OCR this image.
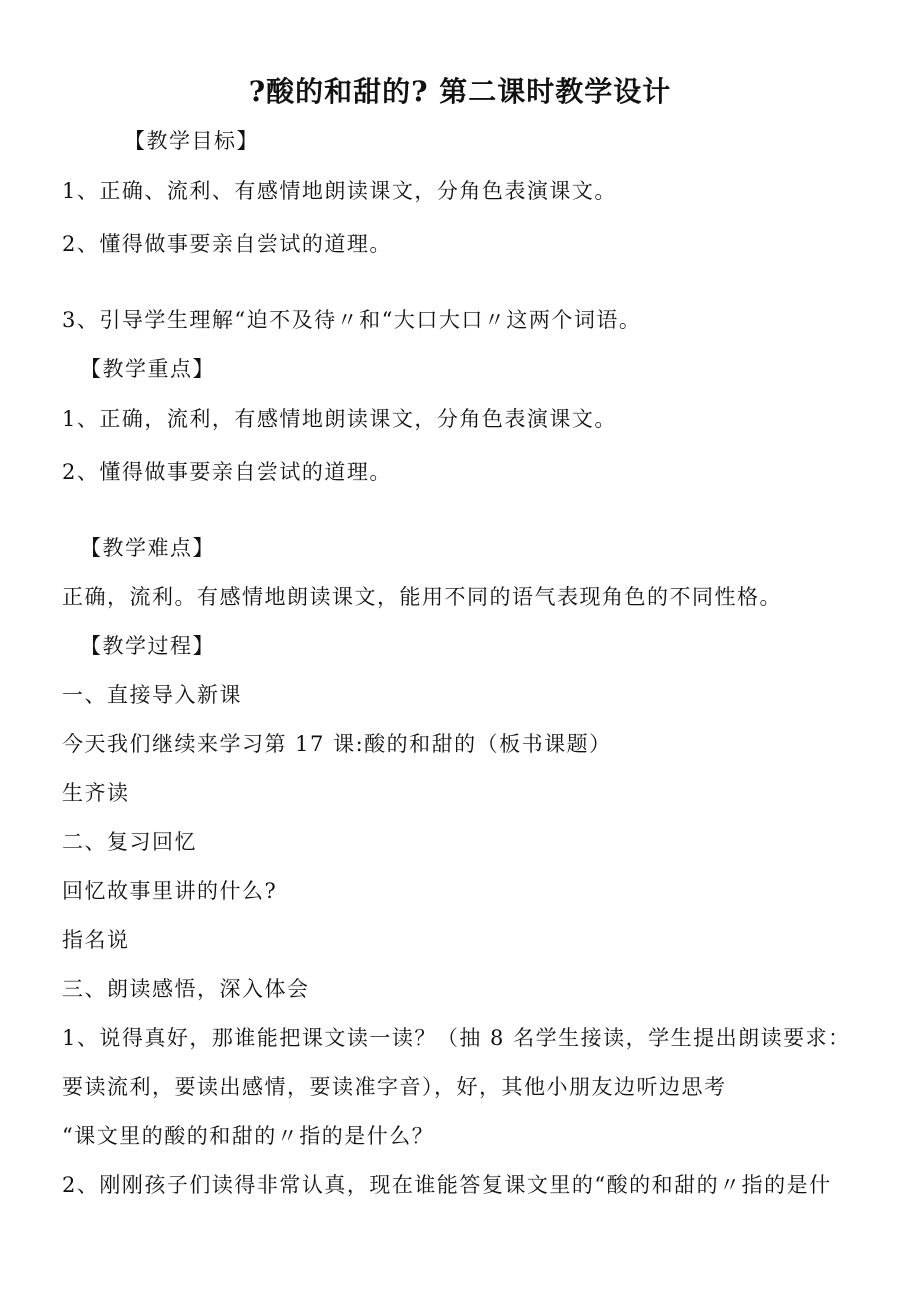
?酸的和甜的? 第二课时教学设计
【教学目标】
1、正确、流利、有感情地朗读课文，分角色表演课文。
2、懂得做事要亲自尝试的道理。
3、引导学生理解“迫不及待〃和“大口大口〃这两个词语。
【教学重点】
1、正确，流利，有感情地朗读课文，分角色表演课文。
2、懂得做事要亲自尝试的道理。
【教学难点】
正确，流利。有感情地朗读课文，能用不同的语气表现角色的不同性格。
【教学过程】
一、直接导入新课
今天我们继续来学习第 17 课:酸的和甜的（板书课题）
生齐读
二、复习回忆
回忆故事里讲的什么?
指名说
三、朗读感悟，深入体会
1、说得真好，那谁能把课文读一读？（抽 8 名学生接读，学生提出朗读要求：
要读流利，要读出感情，要读准字音），好，其他小朋友边听边思考
“课文里的酸的和甜的〃指的是什么？
2、刚刚孩子们读得非常认真，现在谁能答复课文里的“酸的和甜的〃指的是什
